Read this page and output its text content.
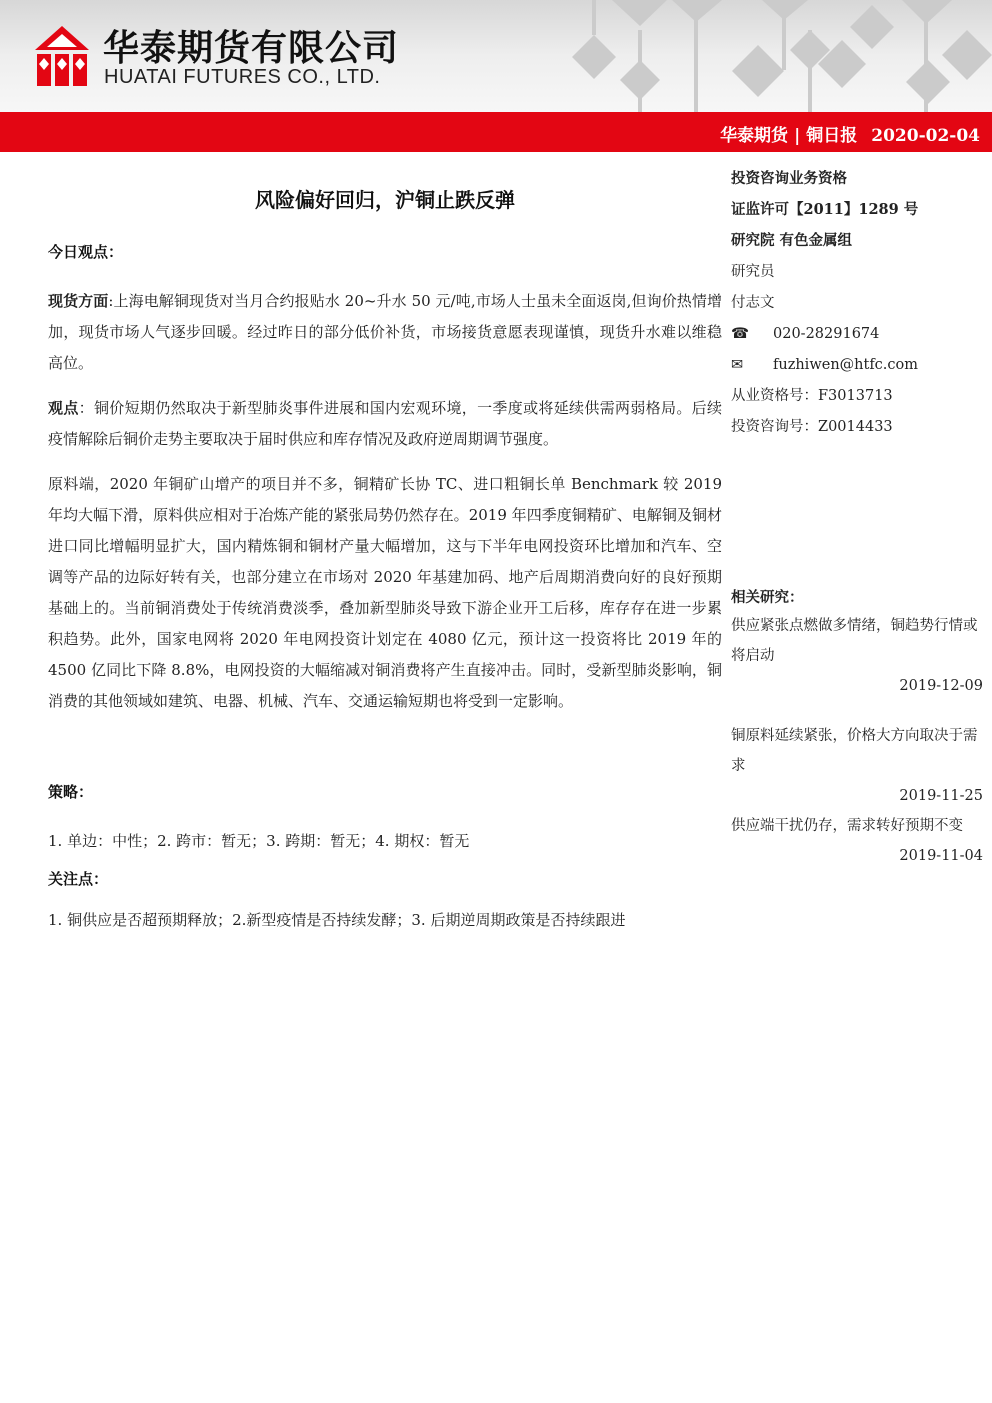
华泰期货有限公司
HUATAI FUTURES CO., LTD.
华泰期货 | 铜日报 2020-02-04
风险偏好回归，沪铜止跌反弹
今日观点：

现货方面:上海电解铜现货对当月合约报贴水 20~升水 50 元/吨,市场人士虽未全面返岗,但询价热情增加，现货市场人气逐步回暖。经过昨日的部分低价补货，市场接货意愿表现谨慎，现货升水难以维稳高位。

观点：铜价短期仍然取决于新型肺炎事件进展和国内宏观环境，一季度或将延续供需两弱格局。后续疫情解除后铜价走势主要取决于届时供应和库存情况及政府逆周期调节强度。

原料端，2020 年铜矿山增产的项目并不多，铜精矿长协 TC、进口粗铜长单 Benchmark 较 2019 年均大幅下滑，原料供应相对于冶炼产能的紧张局势仍然存在。2019 年四季度铜精矿、电解铜及铜材进口同比增幅明显扩大，国内精炼铜和铜材产量大幅增加，这与下半年电网投资环比增加和汽车、空调等产品的边际好转有关，也部分建立在市场对 2020 年基建加码、地产后周期消费向好的良好预期基础上的。当前铜消费处于传统消费淡季，叠加新型肺炎导致下游企业开工后移，库存存在进一步累积趋势。此外，国家电网将 2020 年电网投资计划定在 4080 亿元，预计这一投资将比 2019 年的 4500 亿同比下降 8.8%，电网投资的大幅缩减对铜消费将产生直接冲击。同时，受新型肺炎影响，铜消费的其他领域如建筑、电器、机械、汽车、交通运输短期也将受到一定影响。

策略：
1. 单边：中性；2. 跨市：暂无；3. 跨期：暂无；4. 期权：暂无
关注点：
1. 铜供应是否超预期释放；2.新型疫情是否持续发酵；3. 后期逆周期政策是否持续跟进
投资咨询业务资格
证监许可【2011】1289 号
研究院 有色金属组
研究员
付志文
☎ 020-28291674
✉ fuzhiwen@htfc.com
从业资格号：F3013713
投资咨询号：Z0014433
相关研究：
供应紧张点燃做多情绪，铜趋势行情或将启动
2019-12-09
铜原料延续紧张，价格大方向取决于需求
2019-11-25
供应端干扰仍存，需求转好预期不变
2019-11-04
